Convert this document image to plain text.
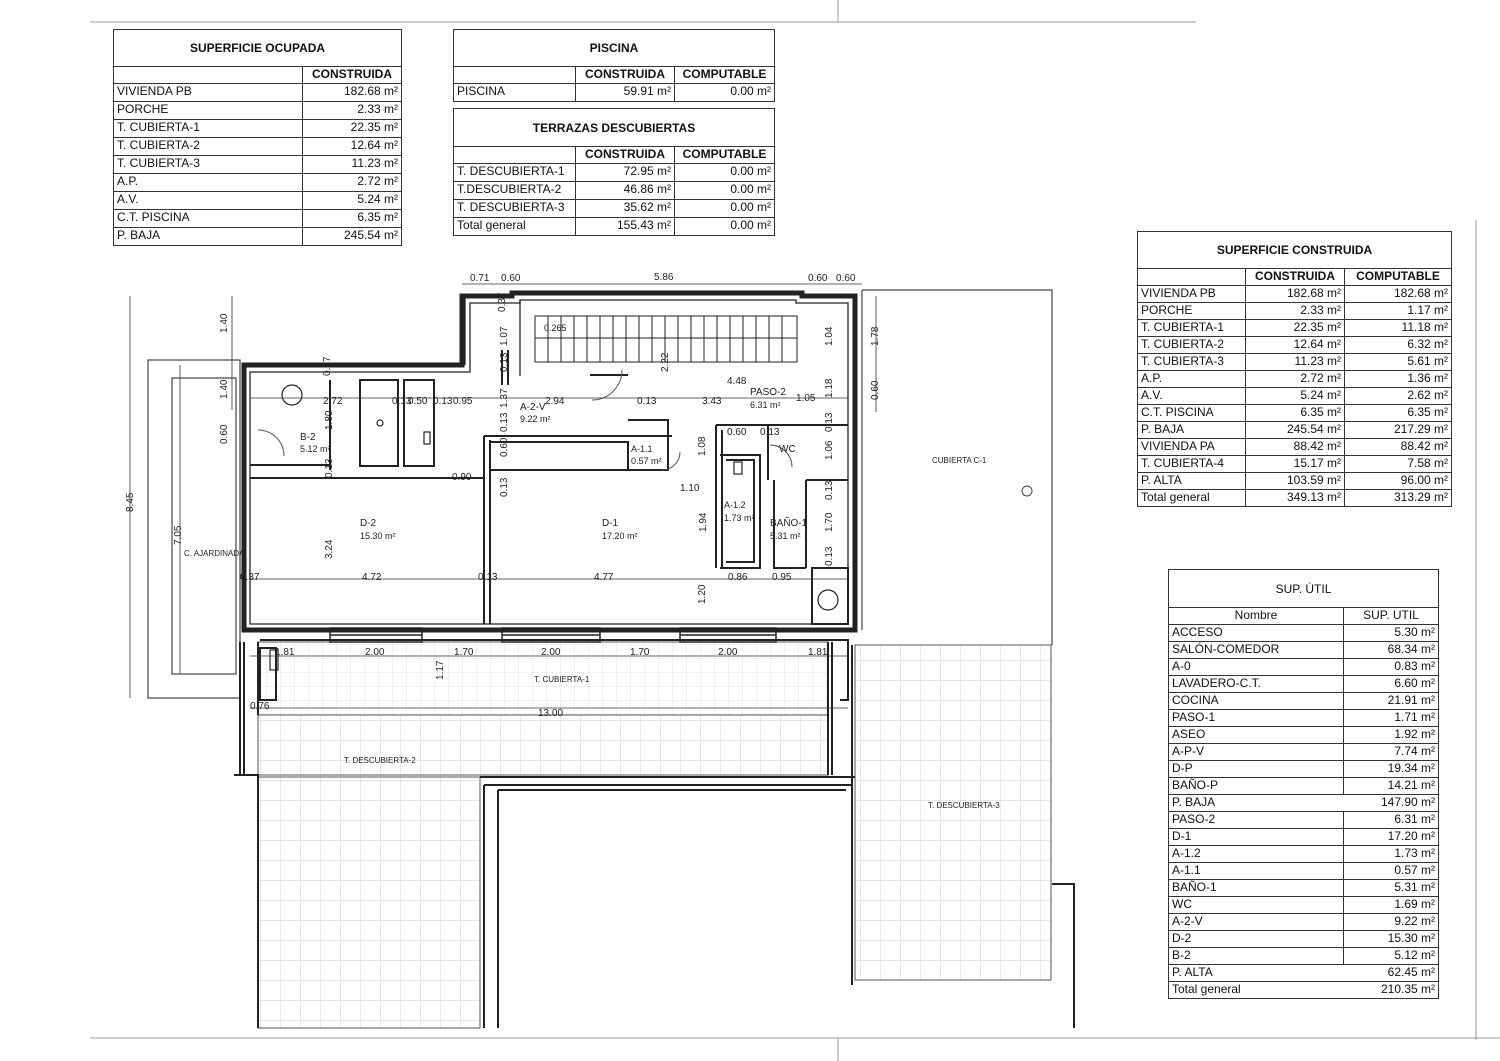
B-2
5.12 m²
A-2-V
9.22 m²
PASO-2
6.31 m²
A-1.1
0.57 m²
WC
D-2
15.30 m²
D-1
17.20 m²
A-1.2
1.73 m² BAÑO-1
5.31 m²
CUBIERTA C-1
C. AJARDINADA
T. CUBIERTA-1
T. DESCUBIERTA-2
T. DESCUBIERTA-3
0.71 0.60	5.86	0.60 0.60
0.37
1.07	1.04	1.78
1.40
0.37
2.72	0.13
0.50 0.13 0.95	2.94	0.13	3.43	1.05
1.18	0.60
1.40
1.80
0.60
0.13	0.90
0.13
0.60
2.22
4.48
0.13
1.37
0.13
1.08
1.10
0.60 0.13
1.06
0.13
0.13
1.70
0.13
1.94
3.24
0.37	4.72	0.13	4.77	0.86 0.95
1.20
8.45
7.05
1.81	2.00	1.70	2.00	1.70	2.00	1.81
1.17
13.00
0.76
0.265
SUPERFICIE OCUPADA
CONSTRUIDA
VIVIENDA PB	182.68 m²
PORCHE	2.33 m²
T. CUBIERTA-1	22.35 m²
T. CUBIERTA-2	12.64 m²
T. CUBIERTA-3	11.23 m²
A.P.	2.72 m²
A.V.	5.24 m²
C.T. PISCINA	6.35 m²
P. BAJA	245.54 m²
PISCINA
CONSTRUIDA	COMPUTABLE
PISCINA	59.91 m²	0.00 m²
TERRAZAS DESCUBIERTAS
CONSTRUIDA	COMPUTABLE
T. DESCUBIERTA-1	72.95 m²	0.00 m²
T.DESCUBIERTA-2	46.86 m²	0.00 m²
T. DESCUBIERTA-3	35.62 m²	0.00 m²
Total general	155.43 m²	0.00 m²
SUPERFICIE CONSTRUIDA
CONSTRUIDA	COMPUTABLE
VIVIENDA PB	182.68 m²	182.68 m²
PORCHE	2.33 m²	1.17 m²
T. CUBIERTA-1	22.35 m²	11.18 m²
T. CUBIERTA-2	12.64 m²	6.32 m²
T. CUBIERTA-3	11.23 m²	5.61 m²
A.P.	2.72 m²	1.36 m²
A.V.	5.24 m²	2.62 m²
C.T. PISCINA	6.35 m²	6.35 m²
P. BAJA	245.54 m²	217.29 m²
VIVIENDA PA	88.42 m²	88.42 m²
T. CUBIERTA-4	15.17 m²	7.58 m²
P. ALTA	103.59 m²	96.00 m²
Total general	349.13 m²	313.29 m²
SUP. ÚTIL
Nombre	SUP. UTIL
ACCESO	5.30 m²
SALÓN-COMEDOR	68.34 m²
A-0	0.83 m²
LAVADERO-C.T.	6.60 m²
COCINA	21.91 m²
PASO-1	1.71 m²
ASEO	1.92 m²
A-P-V	7.74 m²
D-P	19.34 m²
BAÑO-P	14.21 m²
P. BAJA	147.90 m²
PASO-2	6.31 m²
D-1	17.20 m²
A-1.2	1.73 m²
A-1.1	0.57 m²
BAÑO-1	5.31 m²
WC	1.69 m²
A-2-V	9.22 m²
D-2	15.30 m²
B-2	5.12 m²
P. ALTA	62.45 m²
Total general	210.35 m²
